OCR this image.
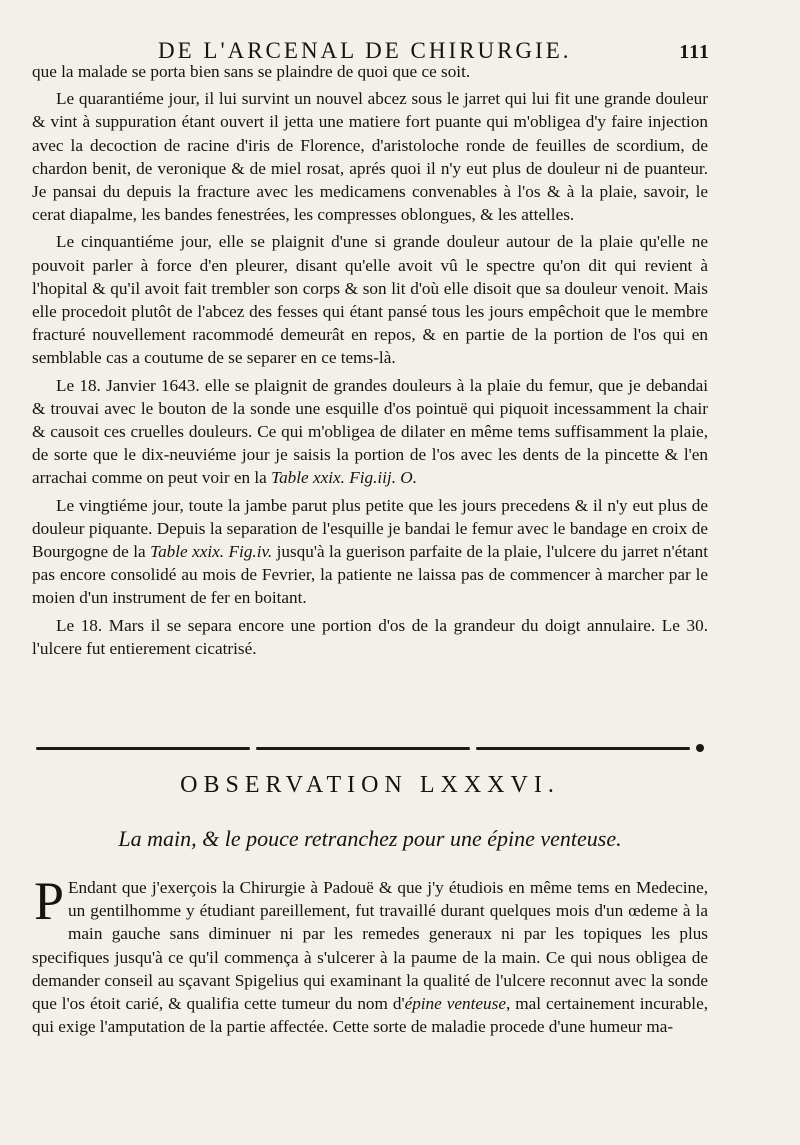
DE L'ARCENAL DE CHIRURGIE.	111

que la malade se porta bien sans se plaindre de quoi que ce soit.

Le quarantiéme jour, il lui survint un nouvel abcez sous le jarret qui lui fit une grande douleur & vint à suppuration étant ouvert il jetta une matiere fort puante qui m'obligea d'y faire injection avec la decoction de racine d'iris de Florence, d'aristoloche ronde de feuilles de scordium, de chardon benit, de veronique & de miel rosat, aprés quoi il n'y eut plus de douleur ni de puanteur. Je pansai du depuis la fracture avec les medicamens convenables à l'os & à la plaie, savoir, le cerat diapalme, les bandes fenestrées, les compresses oblongues, & les attelles.

Le cinquantiéme jour, elle se plaignit d'une si grande douleur autour de la plaie qu'elle ne pouvoit parler à force d'en pleurer, disant qu'elle avoit vû le spectre qu'on dit qui revient à l'hopital & qu'il avoit fait trembler son corps & son lit d'où elle disoit que sa douleur venoit. Mais elle procedoit plutôt de l'abcez des fesses qui étant pansé tous les jours empêchoit que le membre fracturé nouvellement racommodé demeurât en repos, & en partie de la portion de l'os qui en semblable cas a coutume de se separer en ce tems-là.

Le 18. Janvier 1643. elle se plaignit de grandes douleurs à la plaie du femur, que je debandai & trouvai avec le bouton de la sonde une esquille d'os pointuë qui piquoit incessamment la chair & causoit ces cruelles douleurs. Ce qui m'obligea de dilater en même tems suffisamment la plaie, de sorte que le dix-neuviéme jour je saisis la portion de l'os avec les dents de la pincette & l'en arrachai comme on peut voir en la Table xxix. Fig.iij. O.

Le vingtiéme jour, toute la jambe parut plus petite que les jours precedens & il n'y eut plus de douleur piquante. Depuis la separation de l'esquille je bandai le femur avec le bandage en croix de Bourgogne de la Table xxix. Fig.iv. jusqu'à la guerison parfaite de la plaie, l'ulcere du jarret n'étant pas encore consolidé au mois de Fevrier, la patiente ne laissa pas de commencer à marcher par le moien d'un instrument de fer en boitant.

Le 18. Mars il se separa encore une portion d'os de la grandeur du doigt annulaire. Le 30. l'ulcere fut entierement cicatrisé.

OBSERVATION LXXXVI.
La main, & le pouce retranchez pour une épine venteuse.
P Endant que j'exerçois la Chirurgie à Padouë & que j'y étudiois en même tems en Medecine, un gentilhomme y étudiant pareillement, fut travaillé durant quelques mois d'un œdeme à la main gauche sans diminuer ni par les remedes generaux ni par les topiques les plus specifiques jusqu'à ce qu'il commença à s'ulcerer à la paume de la main. Ce qui nous obligea de demander conseil au sçavant Spigelius qui examinant la qualité de l'ulcere reconnut avec la sonde que l'os étoit carié, & qualifia cette tumeur du nom d'épine venteuse, mal certainement incurable, qui exige l'amputation de la partie affectée. Cette sorte de maladie procede d'une humeur ma-
